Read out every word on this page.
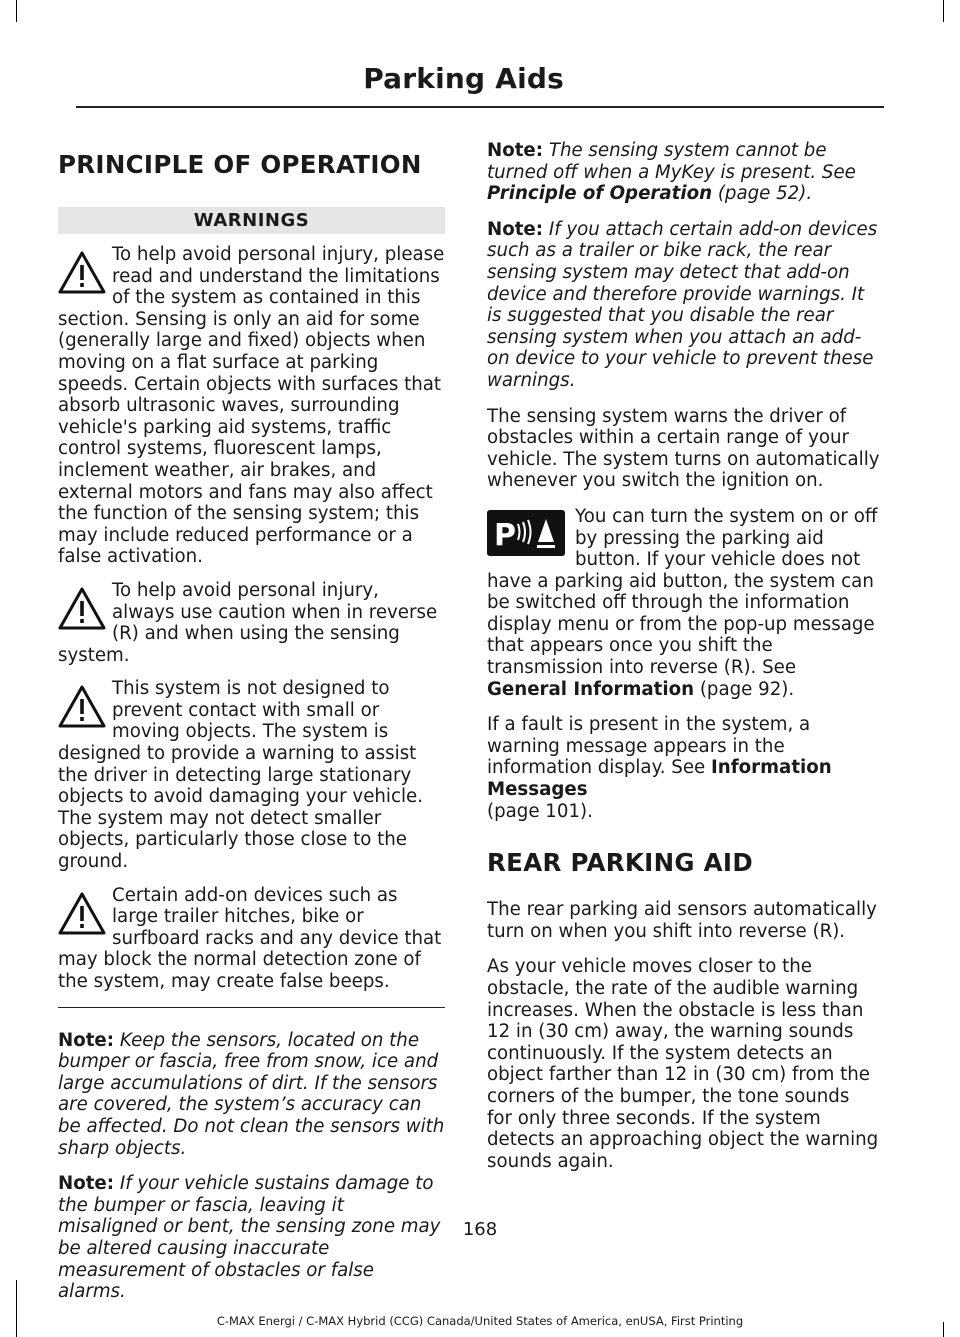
Parking Aids
PRINCIPLE OF OPERATION
WARNINGS
To help avoid personal injury, please read and understand the limitations of the system as contained in this section. Sensing is only an aid for some (generally large and fixed) objects when moving on a flat surface at parking speeds. Certain objects with surfaces that absorb ultrasonic waves, surrounding vehicle's parking aid systems, traffic control systems, fluorescent lamps, inclement weather, air brakes, and external motors and fans may also affect the function of the sensing system; this may include reduced performance or a false activation.
To help avoid personal injury, always use caution when in reverse (R) and when using the sensing system.
This system is not designed to prevent contact with small or moving objects. The system is designed to provide a warning to assist the driver in detecting large stationary objects to avoid damaging your vehicle. The system may not detect smaller objects, particularly those close to the ground.
Certain add-on devices such as large trailer hitches, bike or surfboard racks and any device that may block the normal detection zone of the system, may create false beeps.

Note: Keep the sensors, located on the bumper or fascia, free from snow, ice and large accumulations of dirt. If the sensors are covered, the system’s accuracy can be affected. Do not clean the sensors with sharp objects.

Note: If your vehicle sustains damage to the bumper or fascia, leaving it misaligned or bent, the sensing zone may be altered causing inaccurate measurement of obstacles or false alarms.

Note: The sensing system cannot be turned off when a MyKey is present. See Principle of Operation (page 52).

Note: If you attach certain add-on devices such as a trailer or bike rack, the rear sensing system may detect that add-on device and therefore provide warnings. It is suggested that you disable the rear sensing system when you attach an add-on device to your vehicle to prevent these warnings.

The sensing system warns the driver of obstacles within a certain range of your vehicle. The system turns on automatically whenever you switch the ignition on.

P
You can turn the system on or off by pressing the parking aid button. If your vehicle does not have a parking aid button, the system can be switched off through the information display menu or from the pop-up message that appears once you shift the transmission into reverse (R). See General Information (page 92).

If a fault is present in the system, a warning message appears in the information display. See Information Messages
(page 101).

REAR PARKING AID

The rear parking aid sensors automatically turn on when you shift into reverse (R).

As your vehicle moves closer to the obstacle, the rate of the audible warning increases. When the obstacle is less than 12 in (30 cm) away, the warning sounds continuously. If the system detects an object farther than 12 in (30 cm) from the corners of the bumper, the tone sounds for only three seconds. If the system detects an approaching object the warning sounds again.

168
C-MAX Energi / C-MAX Hybrid (CCG) Canada/United States of America, enUSA, First Printing
